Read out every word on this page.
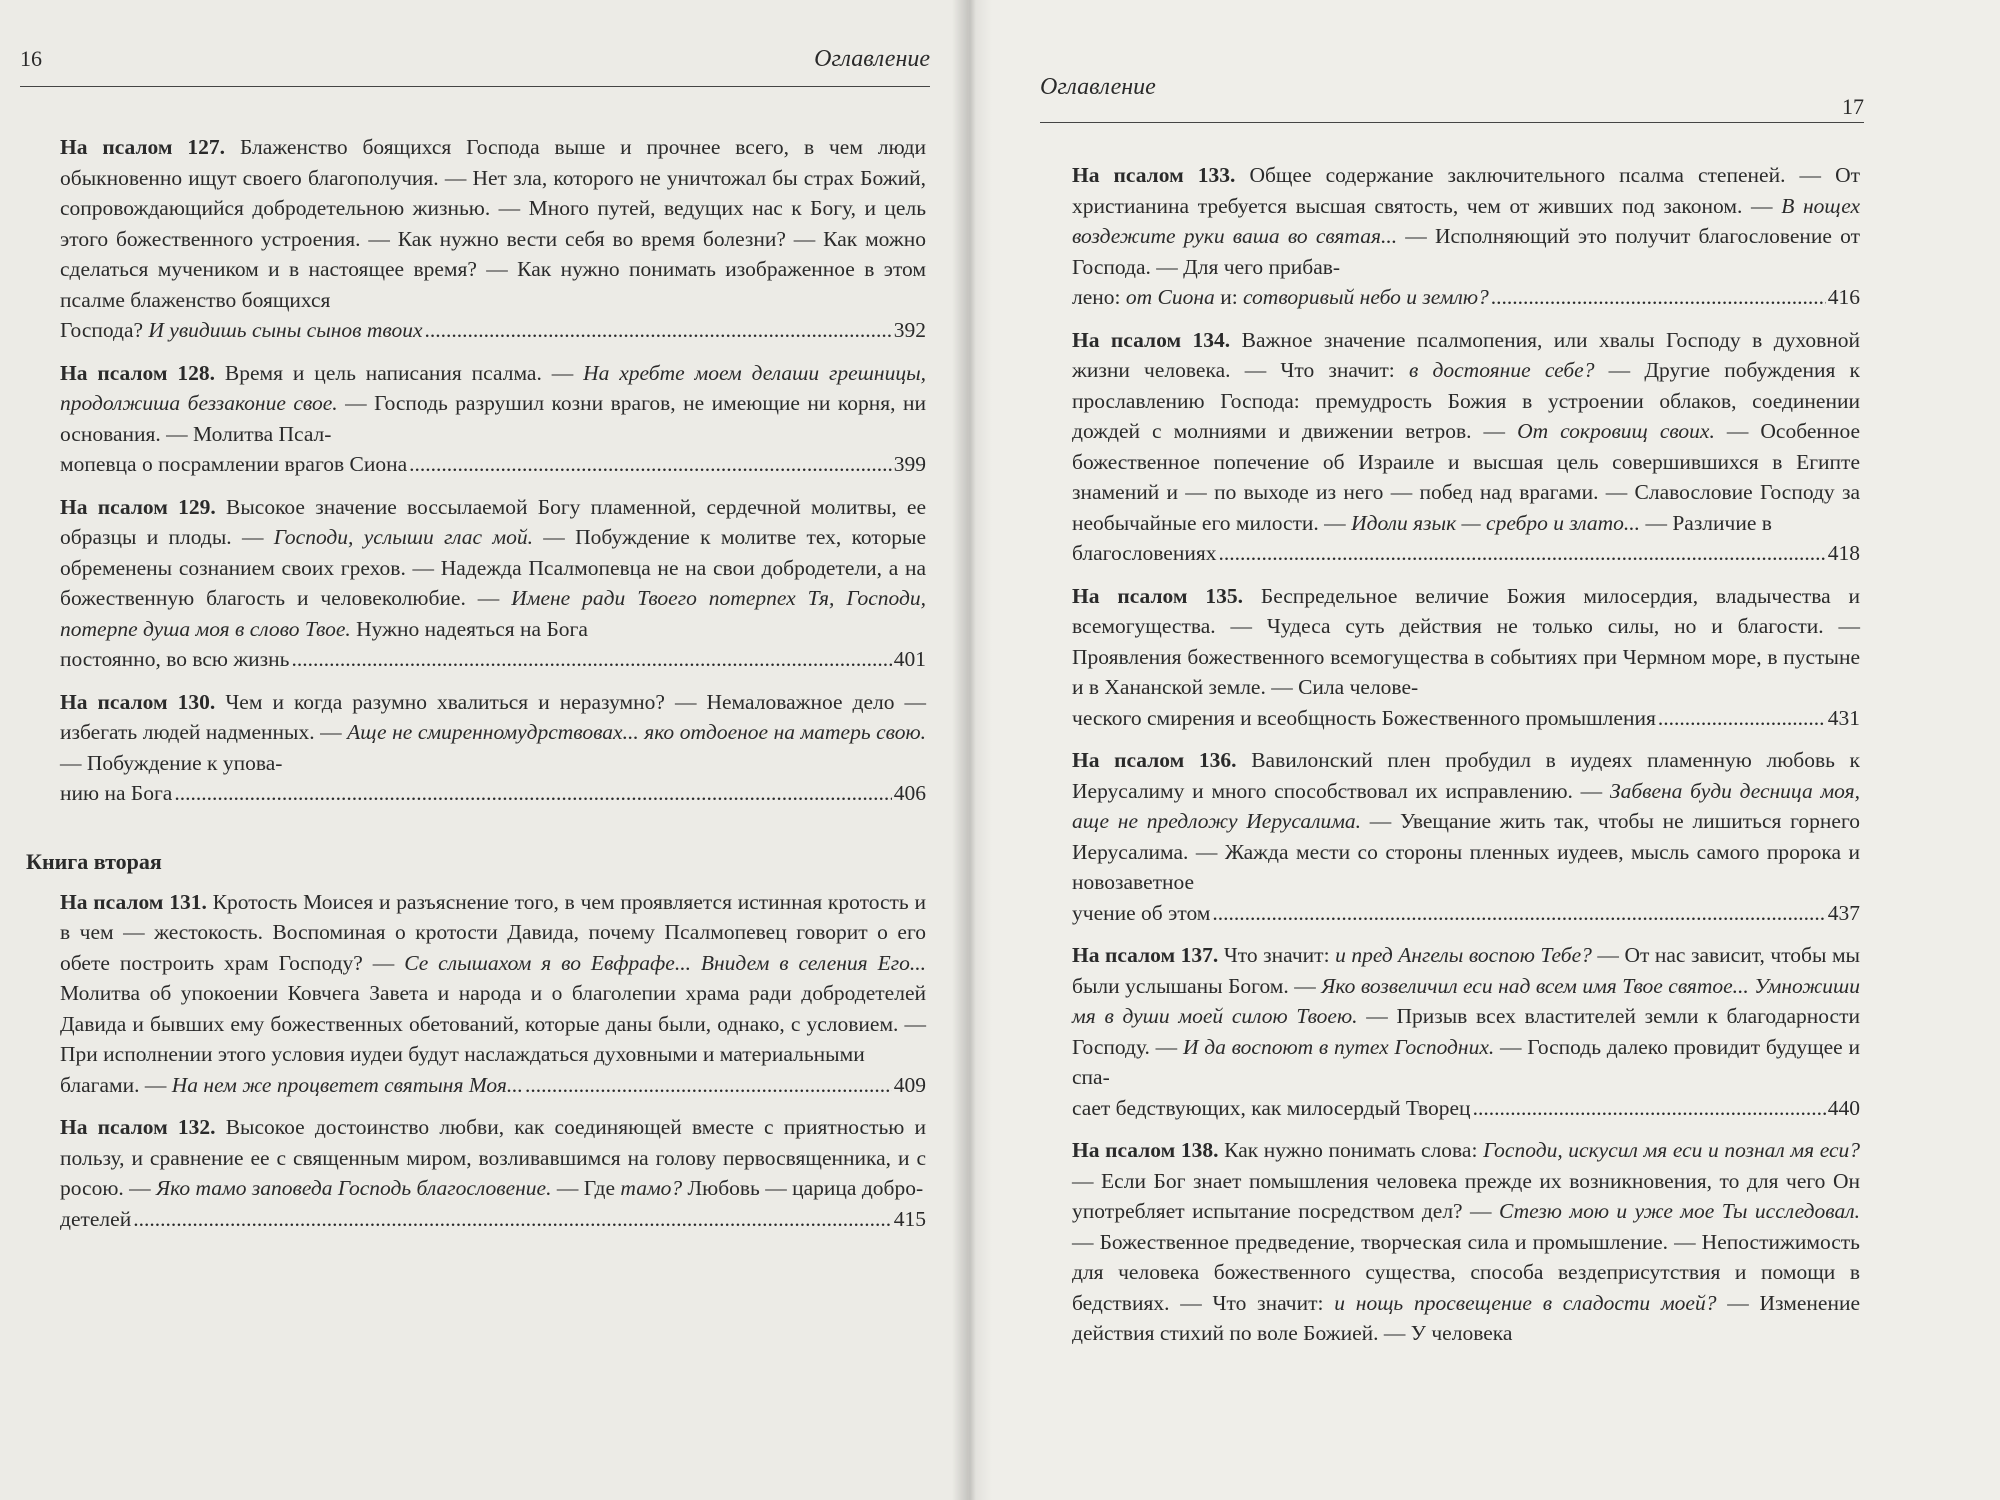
16	Оглавление
На псалом 127. Блаженство боящихся Господа выше и прочнее всего, в чем люди обыкновенно ищут своего благополучия. — Нет зла, которого не уничтожал бы страх Божий, сопровождающийся добродетельною жизнью. — Много путей, ведущих нас к Богу, и цель этого божественного устроения. — Как нужно вести себя во время болезни? — Как можно сделаться мучеником и в настоящее время? — Как нужно понимать изображенное в этом псалме блаженство боящихся
Господа? И увидишь сыны сынов твоих .....	392
На псалом 128. Время и цель написания псалма. — На хребте моем делаши грешницы, продолжиша беззаконие свое. — Господь разрушил козни врагов, не имеющие ни корня, ни основания. — Молитва Псал-
мопевца о посрамлении врагов Сиона .....	399
На псалом 129. Высокое значение воссылаемой Богу пламенной, сердечной молитвы, ее образцы и плоды. — Господи, услыши глас мой. — Побуждение к молитве тех, которые обременены сознанием своих грехов. — Надежда Псалмопевца не на свои добродетели, а на божественную благость и человеколюбие. — Имене ради Твоего потерпех Тя, Господи, потерпе душа моя в слово Твое. Нужно надеяться на Бога
постоянно, во всю жизнь .....	401
На псалом 130. Чем и когда разумно хвалиться и неразумно? — Немаловажное дело — избегать людей надменных. — Аще не смиренномудрствовах... яко отдоеное на матерь свою. — Побуждение к упова-
нию на Бога .....	406
Книга вторая
На псалом 131. Кротость Моисея и разъяснение того, в чем проявляется истинная кротость и в чем — жестокость. Воспоминая о кротости Давида, почему Псалмопевец говорит о его обете построить храм Господу? — Се слышахом я во Евфрафе... Внидем в селения Его... Молитва об упокоении Ковчега Завета и народа и о благолепии храма ради добродетелей Давида и бывших ему божественных обетований, которые даны были, однако, с условием. — При исполнении этого условия иудеи будут наслаждаться духовными и материальными
благами. — На нем же процветет святыня Моя... .....	409
На псалом 132. Высокое достоинство любви, как соединяющей вместе с приятностью и пользу, и сравнение ее с священным миром, возливавшимся на голову первосвященника, и с росою. — Яко тамо заповеда Господь благословение. — Где тамо? Любовь — царица добро-
детелей .....	415
Оглавление
17
На псалом 133. Общее содержание заключительного псалма степеней. — От христианина требуется высшая святость, чем от живших под законом. — В нощех воздежите руки ваша во святая... — Исполняющий это получит благословение от Господа. — Для чего прибав-
лено: от Сиона и: сотворивый небо и землю? .....	416
На псалом 134. Важное значение псалмопения, или хвалы Господу в духовной жизни человека. — Что значит: в достояние себе? — Другие побуждения к прославлению Господа: премудрость Божия в устроении облаков, соединении дождей с молниями и движении ветров. — От сокровищ своих. — Особенное божественное попечение об Израиле и высшая цель совершившихся в Египте знамений и — по выходе из него — побед над врагами. — Славословие Господу за необычайные его милости. — Идоли язык — сребро и злато... — Различие в
благословениях .....	418
На псалом 135. Беспредельное величие Божия милосердия, владычества и всемогущества. — Чудеса суть действия не только силы, но и благости. — Проявления божественного всемогущества в событиях при Чермном море, в пустыне и в Хананской земле. — Сила челове-
ческого смирения и всеобщность Божественного промышления .....	431
На псалом 136. Вавилонский плен пробудил в иудеях пламенную любовь к Иерусалиму и много способствовал их исправлению. — Забвена буди десница моя, аще не предложу Иерусалима. — Увещание жить так, чтобы не лишиться горнего Иерусалима. — Жажда мести со стороны пленных иудеев, мысль самого пророка и новозаветное
учение об этом .....	437
На псалом 137. Что значит: и пред Ангелы воспою Тебе? — От нас зависит, чтобы мы были услышаны Богом. — Яко возвеличил еси над всем имя Твое святое... Умножиши мя в души моей силою Твоею. — Призыв всех властителей земли к благодарности Господу. — И да воспоют в путех Господних. — Господь далеко провидит будущее и спа-
сает бедствующих, как милосердый Творец .....	440
На псалом 138. Как нужно понимать слова: Господи, искусил мя еси и познал мя еси? — Если Бог знает помышления человека прежде их возникновения, то для чего Он употребляет испытание посредством дел? — Стезю мою и уже мое Ты исследовал. — Божественное предведение, творческая сила и промышление. — Непостижимость для человека божественного существа, способа вездеприсутствия и помощи в бедствиях. — Что значит: и нощь просвещение в сладости моей? — Изменение действия стихий по воле Божией. — У человека
